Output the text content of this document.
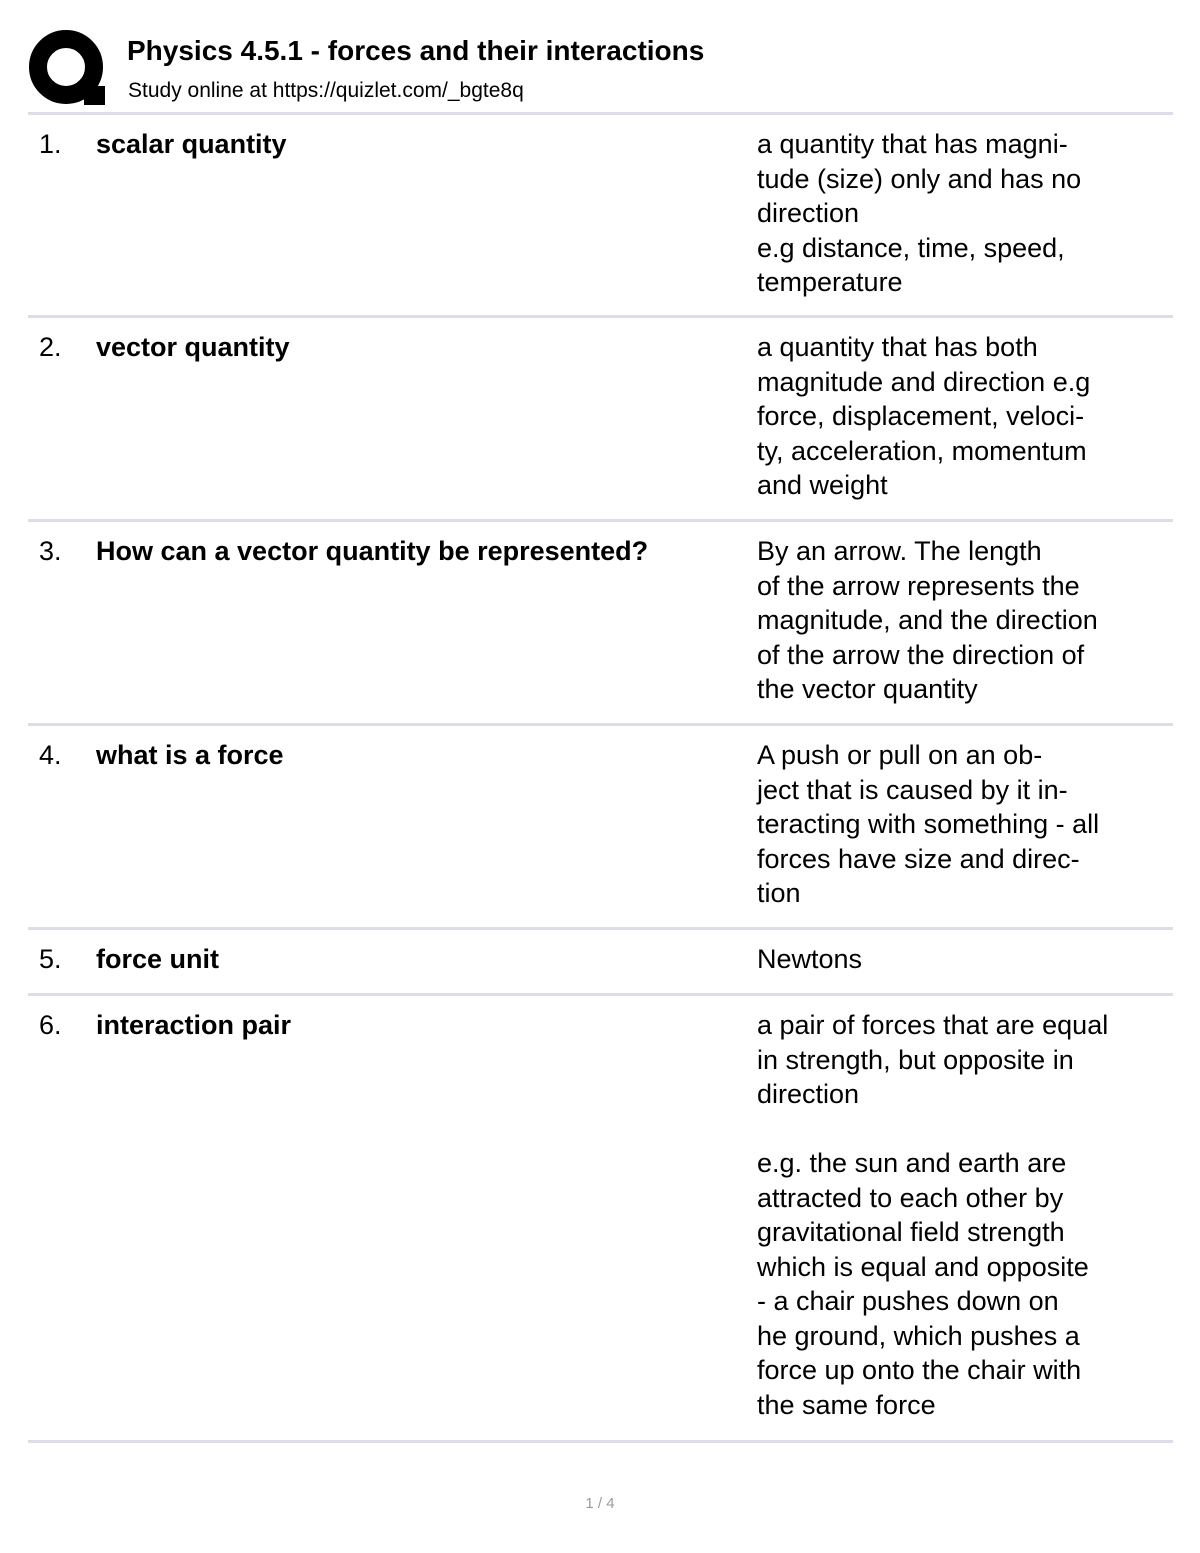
Physics 4.5.1 - forces and their interactions
Study online at https://quizlet.com/_bgte8q
1. scalar quantity	a quantity that has magni-
tude (size) only and has no
direction
e.g distance, time, speed,
temperature
2. vector quantity	a quantity that has both
magnitude and direction e.g
force, displacement, veloci-
ty, acceleration, momentum
and weight
3. How can a vector quantity be represented?	By an arrow. The length
of the arrow represents the
magnitude, and the direction
of the arrow the direction of
the vector quantity
4. what is a force	A push or pull on an ob-
ject that is caused by it in-
teracting with something - all
forces have size and direc-
tion
5. force unit	Newtons
6. interaction pair	a pair of forces that are equal
in strength, but opposite in
direction

e.g. the sun and earth are
attracted to each other by
gravitational field strength
which is equal and opposite
- a chair pushes down on
he ground, which pushes a
force up onto the chair with
the same force
1 / 4
